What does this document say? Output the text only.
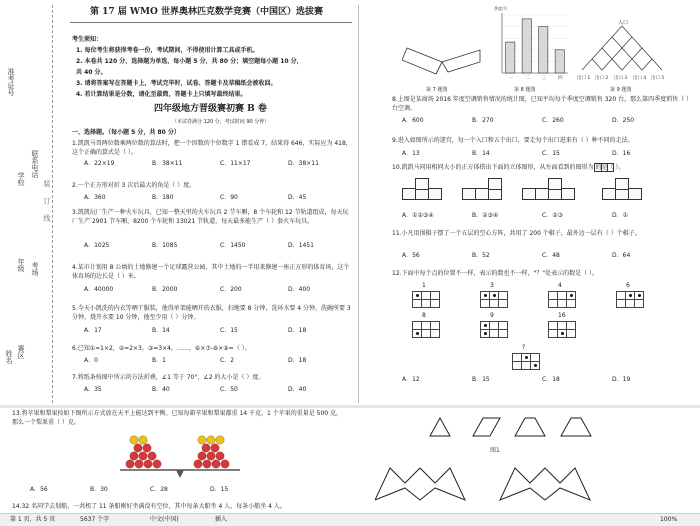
准考证号
学校
联系电话
年级 考场
姓名 赛区
装 订 线
第 17 届 WMO 世界奥林匹克数学竞赛（中国区）选拔赛
考生须知：
1. 每位考生将获得考卷一份，考试期间，不得使用计算工具或手机。
2. 本卷共 120 分，选择题为单选，每小题 5 分，共 80 分；填空题每小题 10 分，
共 40 分。
3. 请将答案写在答题卡上，考试完毕时，试卷、答题卡及草稿纸会被收回。
4. 若计算结果是分数，请化至最简，答题卡上只填写最终结果。
四年级地方晋级赛初赛 B 卷
（本试卷满分 120 分，考试时间 90 分钟）
一、选择题。（每小题 5 分，共 80 分）
1.凯凯马哥两位数乘两位数的算法时，把一个因数的个位数字 1 错看成 7，结果得 646，实际应为 418，这个正确的算式是（ ）。
A．22×19	B．38×11	C．11×17	D．38×11
2.一个正方形对折 3 次后最大的角是（ ）度。
A．360	B．180	C．90	D．45
3.凯凯玩厂生产一种火车玩具，已知一整天里的火车玩具 2 节车厢，8 个车轮和 12 节轨道组成，每天玩厂生产 2901 节车厢，8200 个车轮和 13021 节轨道，每天最多能生产（ ）套火车玩具。
A．1025	B．1085	C．1450	D．1451
4.某市计划用 8 公顷的土地修建一个足球露营公园，其中土地的一半用来修建一座正方形的体育场，这个体育场的边长是（ ）米。
A．40000	B．2000	C．200	D．400
5.今天小凯洗的内衣等晒干服装，他得单架能晒开的衣服，扫地要 8 分钟，洗环水要 4 分钟，洗碗所要 3 分钟，烧开水要 10 分钟，他至少用（ ）分钟。
A．17	B．14	C．15	D．18
6.已知①=1×2，②=2×3，③=3×4，……，⑥×⑦-⑧×⑨=（ ）。
A．0	B．1	C．2	D．18
7.将纸条按图中所示的方法折叠，∠1 等于 70°，∠2 的大小是（ ）度。
A．35	B．40	C．50	D．40
第 7 题图
季度/月
一	二	三	四
第 8 题图
入口
出口 1 出口 2 出口 3 出口 4 出口 5
第 9 题图
8.上图是某商场 2016 年度空调销售情况的统计图，已知平均每个季度空调销售 320 台，那么第四季度销售（ ）台空调。
A．600	B．270	C．260	D．250
9.进入如图所示的迷宫，每一个入口和五个出口，要走每个出口进来有（ ）种不同的走法。
A．13	B．14	C．15	D．16
10.凯凯马同用相同大小的正方体搭出下面的立体图形，从左面看到的图形为 的是（ ）。
A．①②③④	B．②③④	C．②③	D．①
11.小凡用围棋子摆了一个五层的空心方阵，共用了 200 个棋子，最外边一层有（ ）个棋子。
A．56	B．52	C．48	D．64
12.下面中每个点的位置不一样，表示的数也不一样，"？"处表示的数是（ ）。
1	3	4	6
8	9	16
?
A．12	B．15	C．18	D．19
13.将苹果和梨果按如下图所示方式放在天平上能达到平衡。已知每箱苹果和梨果都重 14 千克，1 个苹果的重量是 500 克，那么一个梨果重（ ）克。
A．56	B．30	C．28	D．15
14.32 名同学去划船，一共租了 11 条船刚好坐满没有空位，其中每条大船坐 4 人，每条小船坐 4 人。
图1
第 1 页，共 5 页	5637 个字	中文(中国)	插入	100%
